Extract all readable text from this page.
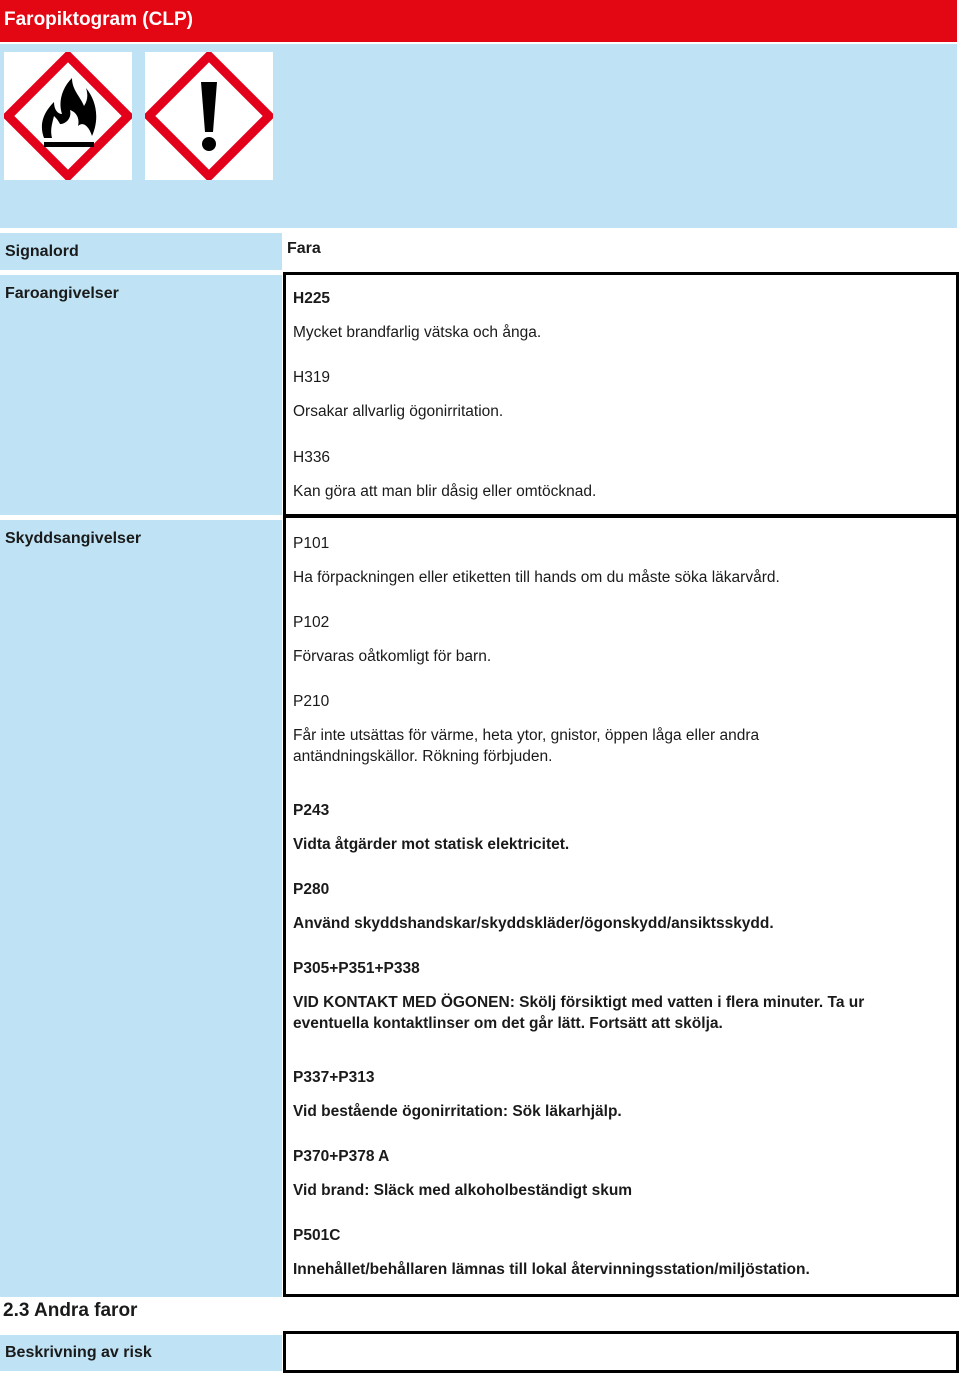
Faropiktogram (CLP)
Signalord	Fara
Faroangivelser	H225
Mycket brandfarlig vätska och ånga.
H319
Orsakar allvarlig ögonirritation.
H336
Kan göra att man blir dåsig eller omtöcknad.
Skyddsangivelser	P101
Ha förpackningen eller etiketten till hands om du måste söka läkarvård.
P102
Förvaras oåtkomligt för barn.
P210
Får inte utsättas för värme, heta ytor, gnistor, öppen låga eller andra
antändningskällor. Rökning förbjuden.
P243
Vidta åtgärder mot statisk elektricitet.
P280
Använd skyddshandskar/skyddskläder/ögonskydd/ansiktsskydd.
P305+P351+P338
VID KONTAKT MED ÖGONEN: Skölj försiktigt med vatten i flera minuter. Ta ur
eventuella kontaktlinser om det går lätt. Fortsätt att skölja.
P337+P313
Vid bestående ögonirritation: Sök läkarhjälp.
P370+P378 A
Vid brand: Släck med alkoholbeständigt skum
P501C
Innehållet/behållaren lämnas till lokal återvinningsstation/miljöstation.
2.3 Andra faror
Beskrivning av risk
